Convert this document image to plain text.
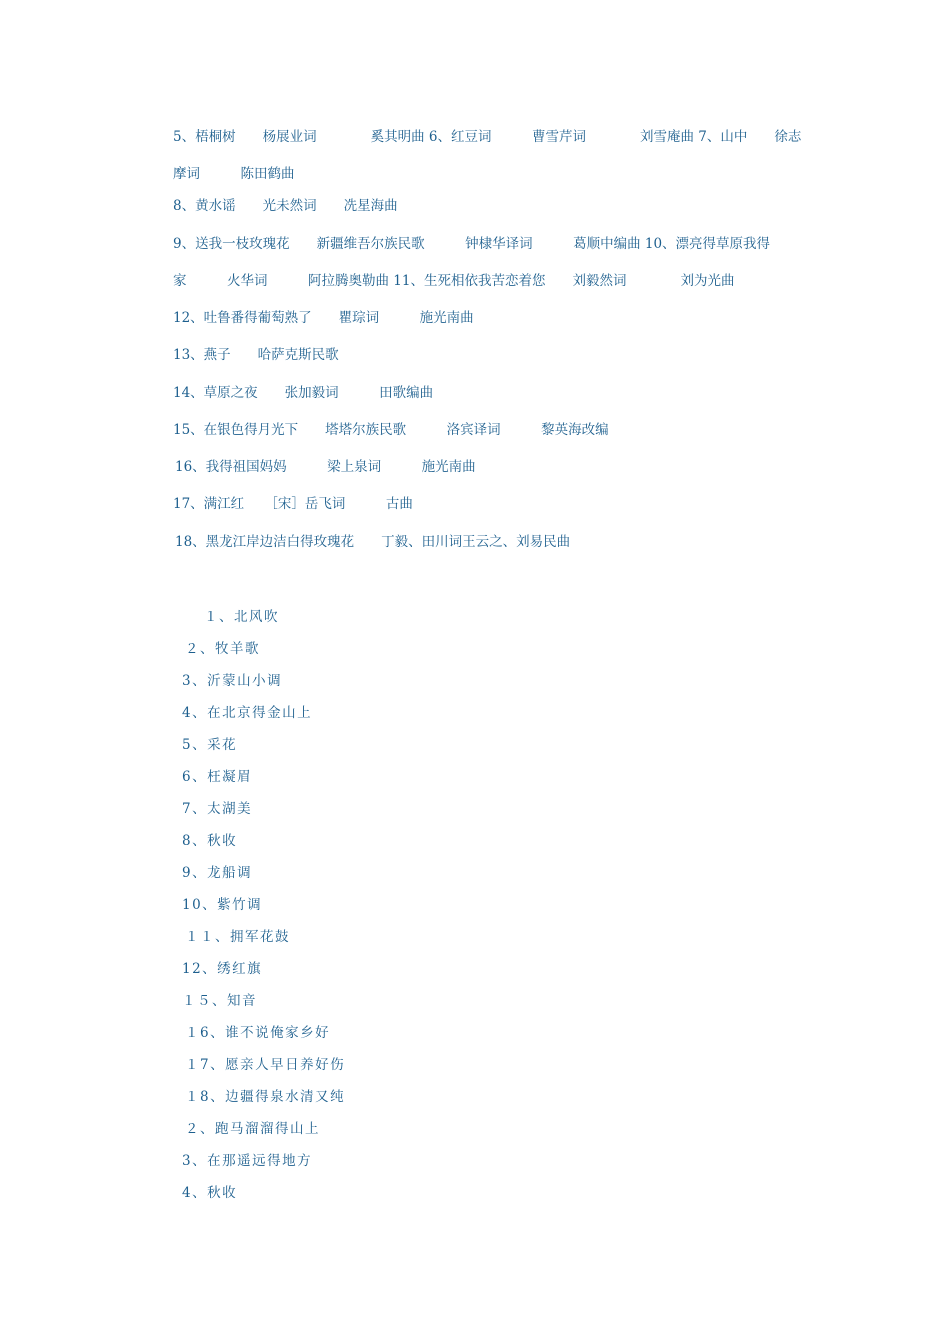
5、梧桐树　　杨展业词　　　　奚其明曲 6、红豆词　　　曹雪芹词　　　　刘雪庵曲 7、山中　　徐志
摩词　　　陈田鹤曲
8、黄水谣　　光未然词　　冼星海曲
9、送我一枝玫瑰花　　新疆维吾尔族民歌　　　钟棣华译词　　　葛顺中编曲 10、漂亮得草原我得
家　　　火华词　　　阿拉腾奥勒曲 11、生死相依我苦恋着您　　刘毅然词　　　　刘为光曲
12、吐鲁番得葡萄熟了　　瞿琮词　　　施光南曲
13、燕子　　哈萨克斯民歌
14、草原之夜　　张加毅词　　　田歌编曲
15、在银色得月光下　　塔塔尔族民歌　　　洛宾译词　　　黎英海改编
16、我得祖国妈妈　　　梁上泉词　　　施光南曲
17、满江红　　［宋］岳飞词　　　古曲
18、黑龙江岸边洁白得玫瑰花　　丁毅、田川词王云之、刘易民曲
１、北风吹
２、牧羊歌
3、沂蒙山小调
4、在北京得金山上
5、采花
6、枉凝眉
7、太湖美
8、秋收
9、龙船调
10、紫竹调
１１、拥军花鼓
12、绣红旗
１５、知音
１6、谁不说俺家乡好
１7、愿亲人早日养好伤
１8、边疆得泉水清又纯
２、跑马溜溜得山上
3、在那遥远得地方
4、秋收
